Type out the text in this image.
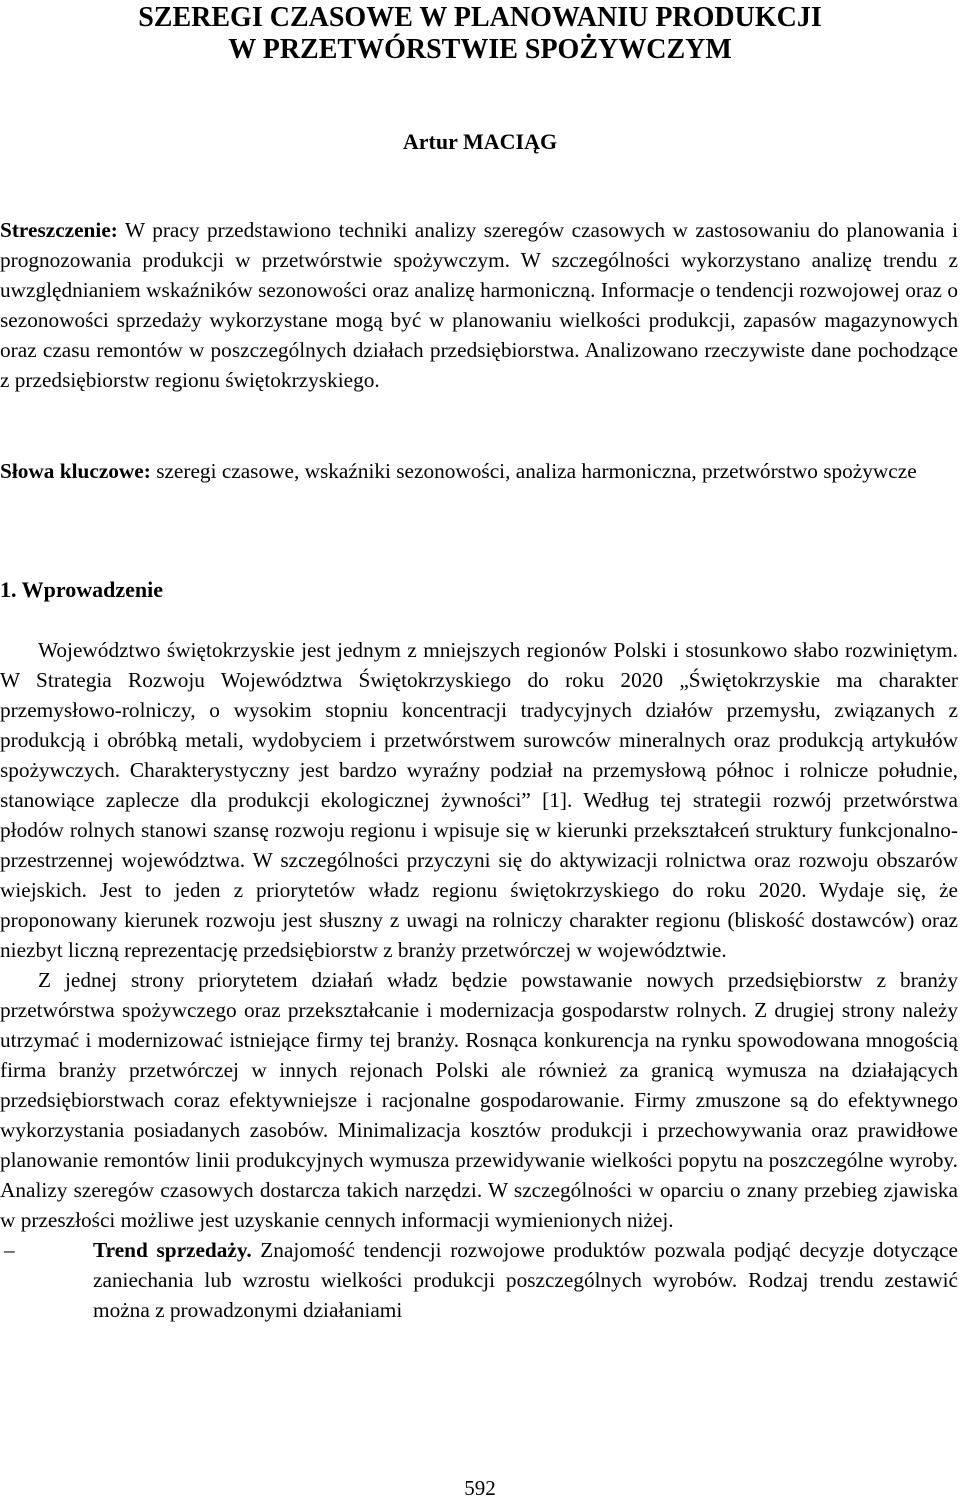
SZEREGI CZASOWE W PLANOWANIU PRODUKCJI
W PRZETWÓRSTWIE SPOŻYWCZYM
Artur MACIĄG
Streszczenie: W pracy przedstawiono techniki analizy szeregów czasowych w zastosowaniu do planowania i prognozowania produkcji w przetwórstwie spożywczym. W szczególności wykorzystano analizę trendu z uwzględnianiem wskaźników sezonowości oraz analizę harmoniczną. Informacje o tendencji rozwojowej oraz o sezonowości sprzedaży wykorzystane mogą być w planowaniu wielkości produkcji, zapasów magazynowych oraz czasu remontów w poszczególnych działach przedsiębiorstwa. Analizowano rzeczywiste dane pochodzące z przedsiębiorstw regionu świętokrzyskiego.
Słowa kluczowe: szeregi czasowe, wskaźniki sezonowości, analiza harmoniczna, przetwórstwo spożywcze
1. Wprowadzenie

Województwo świętokrzyskie jest jednym z mniejszych regionów Polski i stosunkowo słabo rozwiniętym. W Strategia Rozwoju Województwa Świętokrzyskiego do roku 2020 „Świętokrzyskie ma charakter przemysłowo-rolniczy, o wysokim stopniu koncentracji tradycyjnych działów przemysłu, związanych z produkcją i obróbką metali, wydobyciem i przetwórstwem surowców mineralnych oraz produkcją artykułów spożywczych. Charakterystyczny jest bardzo wyraźny podział na przemysłową północ i rolnicze południe, stanowiące zaplecze dla produkcji ekologicznej żywności” [1]. Według tej strategii rozwój przetwórstwa płodów rolnych stanowi szansę rozwoju regionu i wpisuje się w kierunki przekształceń struktury funkcjonalno-przestrzennej województwa. W szczególności przyczyni się do aktywizacji rolnictwa oraz rozwoju obszarów wiejskich. Jest to jeden z priorytetów władz regionu świętokrzyskiego do roku 2020. Wydaje się, że proponowany kierunek rozwoju jest słuszny z uwagi na rolniczy charakter regionu (bliskość dostawców) oraz niezbyt liczną reprezentację przedsiębiorstw z branży przetwórczej w województwie.

Z jednej strony priorytetem działań władz będzie powstawanie nowych przedsiębiorstw z branży przetwórstwa spożywczego oraz przekształcanie i modernizacja gospodarstw rolnych. Z drugiej strony należy utrzymać i modernizować istniejące firmy tej branży. Rosnąca konkurencja na rynku spowodowana mnogością firma branży przetwórczej w innych rejonach Polski ale również za granicą wymusza na działających przedsiębiorstwach coraz efektywniejsze i racjonalne gospodarowanie. Firmy zmuszone są do efektywnego wykorzystania posiadanych zasobów. Minimalizacja kosztów produkcji i przechowywania oraz prawidłowe planowanie remontów linii produkcyjnych wymusza przewidywanie wielkości popytu na poszczególne wyroby. Analizy szeregów czasowych dostarcza takich narzędzi. W szczególności w oparciu o znany przebieg zjawiska w przeszłości możliwe jest uzyskanie cennych informacji wymienionych niżej.

–	Trend sprzedaży. Znajomość tendencji rozwojowe produktów pozwala podjąć decyzje dotyczące zaniechania lub wzrostu wielkości produkcji poszczególnych wyrobów. Rodzaj trendu zestawić można z prowadzonymi działaniami
592
